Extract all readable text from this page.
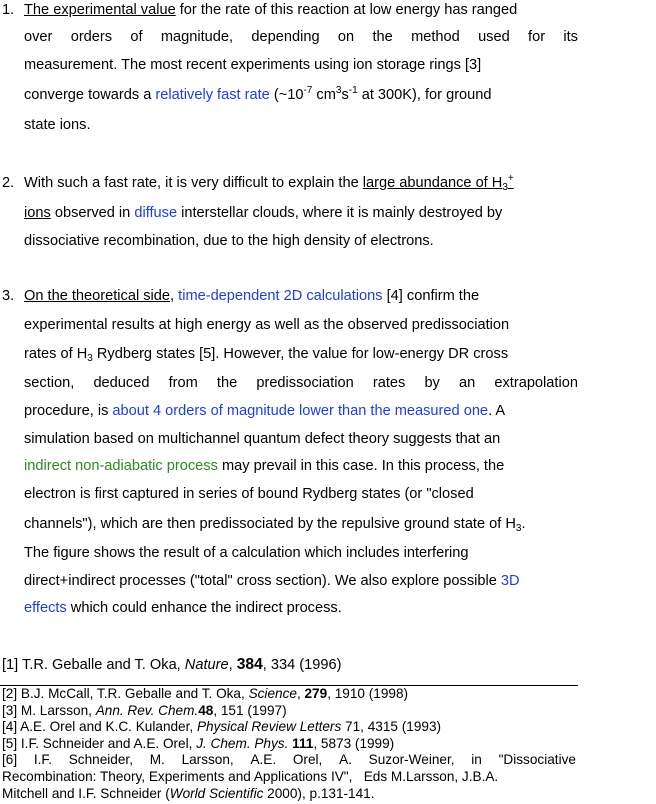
1. The experimental value for the rate of this reaction at low energy has ranged
over orders of magnitude, depending on the method used for its
measurement. The most recent experiments using ion storage rings [3]
converge towards a relatively fast rate ($\sim 10^{-7}$ $cm^3s^{-1}$ at 300K), for ground
state ions.
2. With such a fast rate, it is very difficult to explain the large abundance of $H_3^+$
ions observed in diffuse interstellar clouds, where it is mainly destroyed by
dissociative recombination, due to the high density of electrons.
3. On the theoretical side, time-dependent 2D calculations [4] confirm the
experimental results at high energy as well as the observed predissociation
rates of $H_3$ Rydberg states [5]. However, the value for low-energy DR cross
section, deduced from the predissociation rates by an extrapolation
procedure, is about 4 orders of magnitude lower than the measured one. A
simulation based on multichannel quantum defect theory suggests that an
indirect non-adiabatic process may prevail in this case. In this process, the
electron is first captured in series of bound Rydberg states (or "closed
channels"), which are then predissociated by the repulsive ground state of $H_3$.
The figure shows the result of a calculation which includes interfering
direct+indirect processes ("total" cross section). We also explore possible 3D
effects which could enhance the indirect process.
[1] T.R. Geballe and T. Oka, Nature, 384, 334 (1996)
[2] B.J. McCall, T.R. Geballe and T. Oka, Science, 279, 1910 (1998)
[3] M. Larsson, Ann. Rev. Chem.48, 151 (1997)
[4] A.E. Orel and K.C. Kulander, Physical Review Letters 71, 4315 (1993)
[5] I.F. Schneider and A.E. Orel, J. Chem. Phys. 111, 5873 (1999)
[6] I.F. Schneider, M. Larsson, A.E. Orel, A. Suzor-Weiner, in "Dissociative
Recombination: Theory, Experiments and Applications IV",   Eds M.Larsson, J.B.A.
Mitchell and I.F. Schneider (World Scientific 2000), p.131-141.
